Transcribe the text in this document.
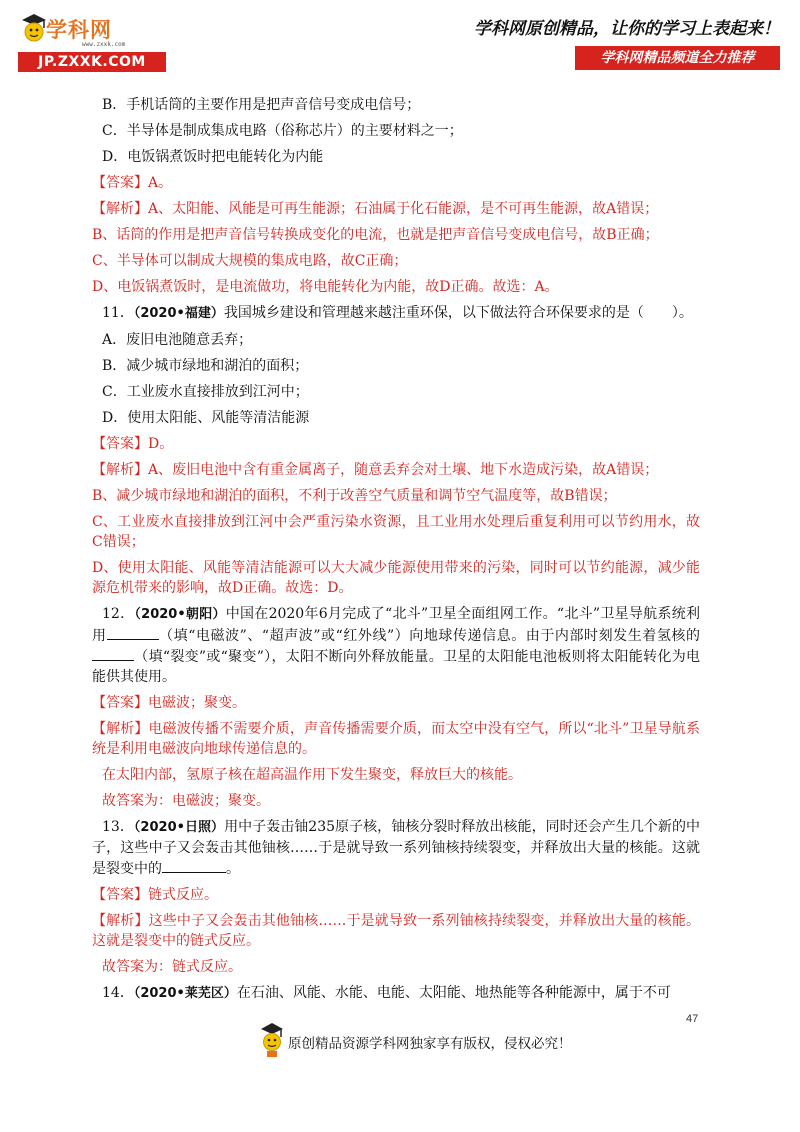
学科网
www.zxxk.com
JP.ZXXK.COM
学科网原创精品，让你的学习上表起来！
学科网精品频道全力推荐

B．手机话筒的主要作用是把声音信号变成电信号；

C．半导体是制成集成电路（俗称芯片）的主要材料之一；

D．电饭锅煮饭时把电能转化为内能

【答案】A。

【解析】A、太阳能、风能是可再生能源；石油属于化石能源，是不可再生能源，故A错误；

B、话筒的作用是把声音信号转换成变化的电流，也就是把声音信号变成电信号，故B正确；

C、半导体可以制成大规模的集成电路，故C正确；

D、电饭锅煮饭时，是电流做功，将电能转化为内能，故D正确。故选：A。

11．（2020•福建）我国城乡建设和管理越来越注重环保，以下做法符合环保要求的是（　　）。

A．废旧电池随意丢弃；

B．减少城市绿地和湖泊的面积；

C．工业废水直接排放到江河中；

D．使用太阳能、风能等清洁能源

【答案】D。

【解析】A、废旧电池中含有重金属离子，随意丢弃会对土壤、地下水造成污染，故A错误；

B、减少城市绿地和湖泊的面积，不利于改善空气质量和调节空气温度等，故B错误；

C、工业废水直接排放到江河中会严重污染水资源，且工业用水处理后重复利用可以节约用水，故C错误；

D、使用太阳能、风能等清洁能源可以大大减少能源使用带来的污染，同时可以节约能源，减少能源危机带来的影响，故D正确。故选：D。

12．（2020•朝阳）中国在2020年6月完成了“北斗”卫星全面组网工作。“北斗”卫星导航系统利用	（填“电磁波”、“超声波”或“红外线”）向地球传递信息。由于内部时刻发生着氢核的（填“裂变”或“聚变”），太阳不断向外释放能量。卫星的太阳能电池板则将太阳能转化为电能供其使用。

【答案】电磁波；聚变。

【解析】电磁波传播不需要介质，声音传播需要介质，而太空中没有空气，所以“北斗”卫星导航系统是利用电磁波向地球传递信息的。

在太阳内部，氢原子核在超高温作用下发生聚变，释放巨大的核能。

故答案为：电磁波；聚变。

13．（2020•日照）用中子轰击铀235原子核，铀核分裂时释放出核能，同时还会产生几个新的中子，这些中子又会轰击其他铀核……于是就导致一系列铀核持续裂变，并释放出大量的核能。这就是裂变中的	。

【答案】链式反应。

【解析】这些中子又会轰击其他铀核……于是就导致一系列铀核持续裂变，并释放出大量的核能。这就是裂变中的链式反应。

故答案为：链式反应。

14．（2020•莱芜区）在石油、风能、水能、电能、太阳能、地热能等各种能源中，属于不可

47
原创精品资源学科网独家享有版权，侵权必究！
